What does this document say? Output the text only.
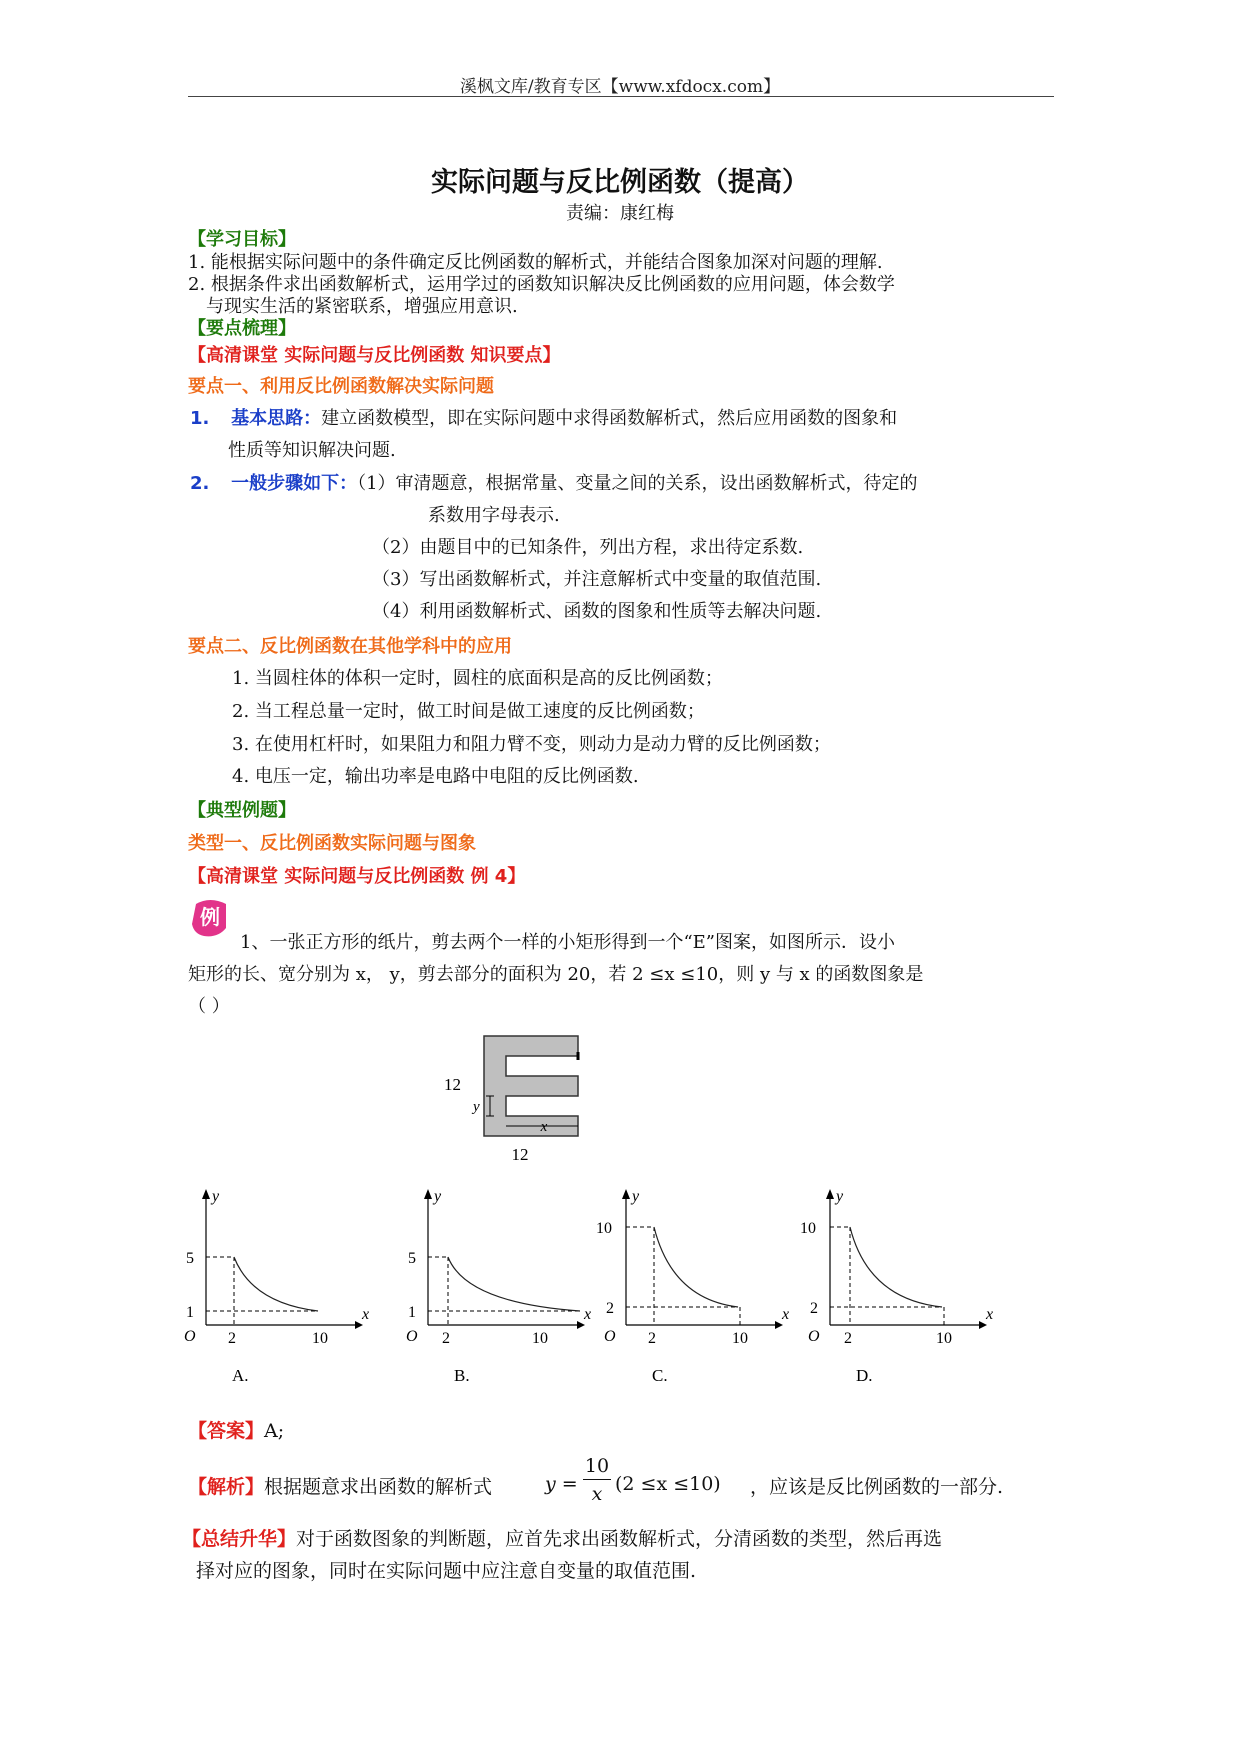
溪枫文库/教育专区【www.xfdocx.com】
实际问题与反比例函数（提高）
责编：康红梅
【学习目标】
1. 能根据实际问题中的条件确定反比例函数的解析式，并能结合图象加深对问题的理解.
2. 根据条件求出函数解析式，运用学过的函数知识解决反比例函数的应用问题，体会数学
与现实生活的紧密联系，增强应用意识.
【要点梳理】
【高清课堂 实际问题与反比例函数 知识要点】
要点一、利用反比例函数解决实际问题
1. 基本思路：建立函数模型，即在实际问题中求得函数解析式，然后应用函数的图象和
性质等知识解决问题.
2. 一般步骤如下：（1）审清题意，根据常量、变量之间的关系，设出函数解析式，待定的
系数用字母表示.
（2）由题目中的已知条件，列出方程，求出待定系数.
（3）写出函数解析式，并注意解析式中变量的取值范围.
（4）利用函数解析式、函数的图象和性质等去解决问题.
要点二、反比例函数在其他学科中的应用
1. 当圆柱体的体积一定时，圆柱的底面积是高的反比例函数；
2. 当工程总量一定时，做工时间是做工速度的反比例函数；
3. 在使用杠杆时，如果阻力和阻力臂不变，则动力是动力臂的反比例函数；
4. 电压一定，输出功率是电路中电阻的反比例函数.
【典型例题】
类型一、反比例函数实际问题与图象
【高清课堂 实际问题与反比例函数 例 4】
例
1、一张正方形的纸片，剪去两个一样的小矩形得到一个“E”图案，如图所示．设小
矩形的长、宽分别为 x， y，剪去部分的面积为 20，若 2 ≤x ≤10，则 y 与 x 的函数图象是
（ ）
y
x
12
12
y
x
O
5
1
2	10
A.
y
x
O
5
1
2	10
B.
y
x
O
10
2
2	10
C.
y
x
O
10
2
2	10
D.
【答案】A;
【解析】根据题意求出函数的解析式	y =
10
x (2 ≤x ≤10) ，应该是反比例函数的一部分.
【总结升华】对于函数图象的判断题，应首先求出函数解析式，分清函数的类型，然后再选
择对应的图象，同时在实际问题中应注意自变量的取值范围.
